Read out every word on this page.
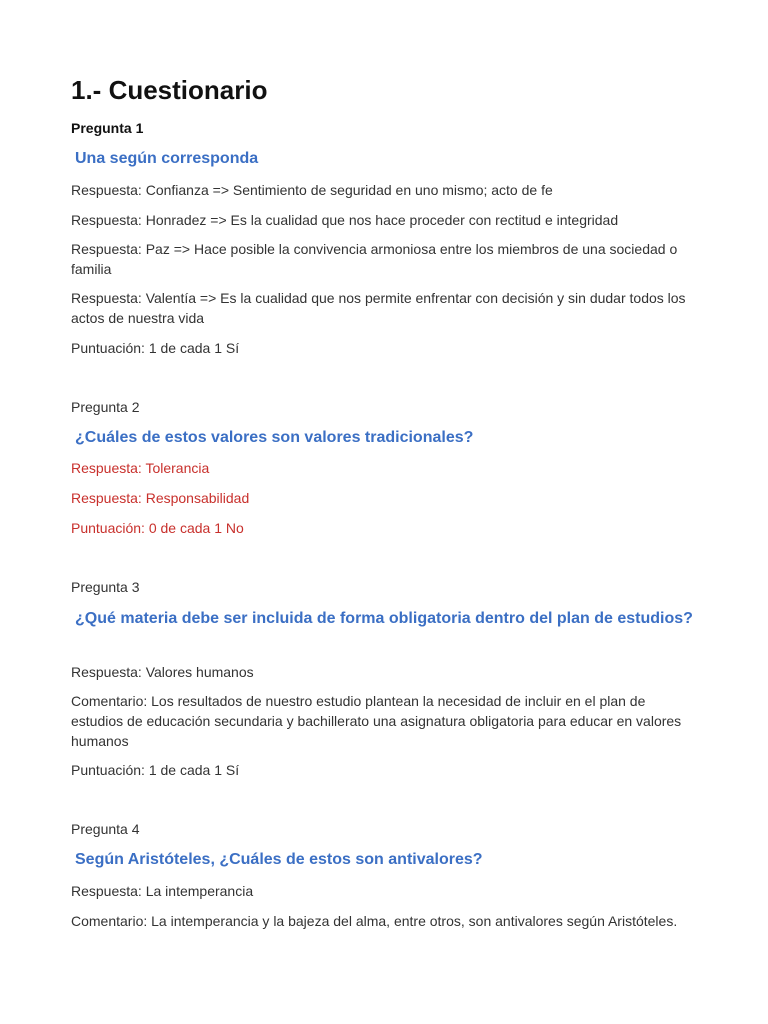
1.- Cuestionario
Pregunta 1
Una según corresponda
Respuesta: Confianza => Sentimiento de seguridad en uno mismo; acto de fe
Respuesta: Honradez => Es la cualidad que nos hace proceder con rectitud e integridad
Respuesta: Paz => Hace posible la convivencia armoniosa entre los miembros de una sociedad o familia
Respuesta: Valentía => Es la cualidad que nos permite enfrentar con decisión y sin dudar todos los actos de nuestra vida
Puntuación: 1 de cada 1 Sí
Pregunta 2
¿Cuáles de estos valores son valores tradicionales?
Respuesta: Tolerancia
Respuesta: Responsabilidad
Puntuación: 0 de cada 1 No
Pregunta 3
¿Qué materia debe ser incluida de forma obligatoria dentro del plan de estudios?
Respuesta: Valores humanos
Comentario: Los resultados de nuestro estudio plantean la necesidad de incluir en el plan de estudios de educación secundaria y bachillerato una asignatura obligatoria para educar en valores humanos
Puntuación: 1 de cada 1 Sí
Pregunta 4
Según Aristóteles, ¿Cuáles de estos son antivalores?
Respuesta: La intemperancia
Comentario: La intemperancia y la bajeza del alma, entre otros, son antivalores según Aristóteles.
